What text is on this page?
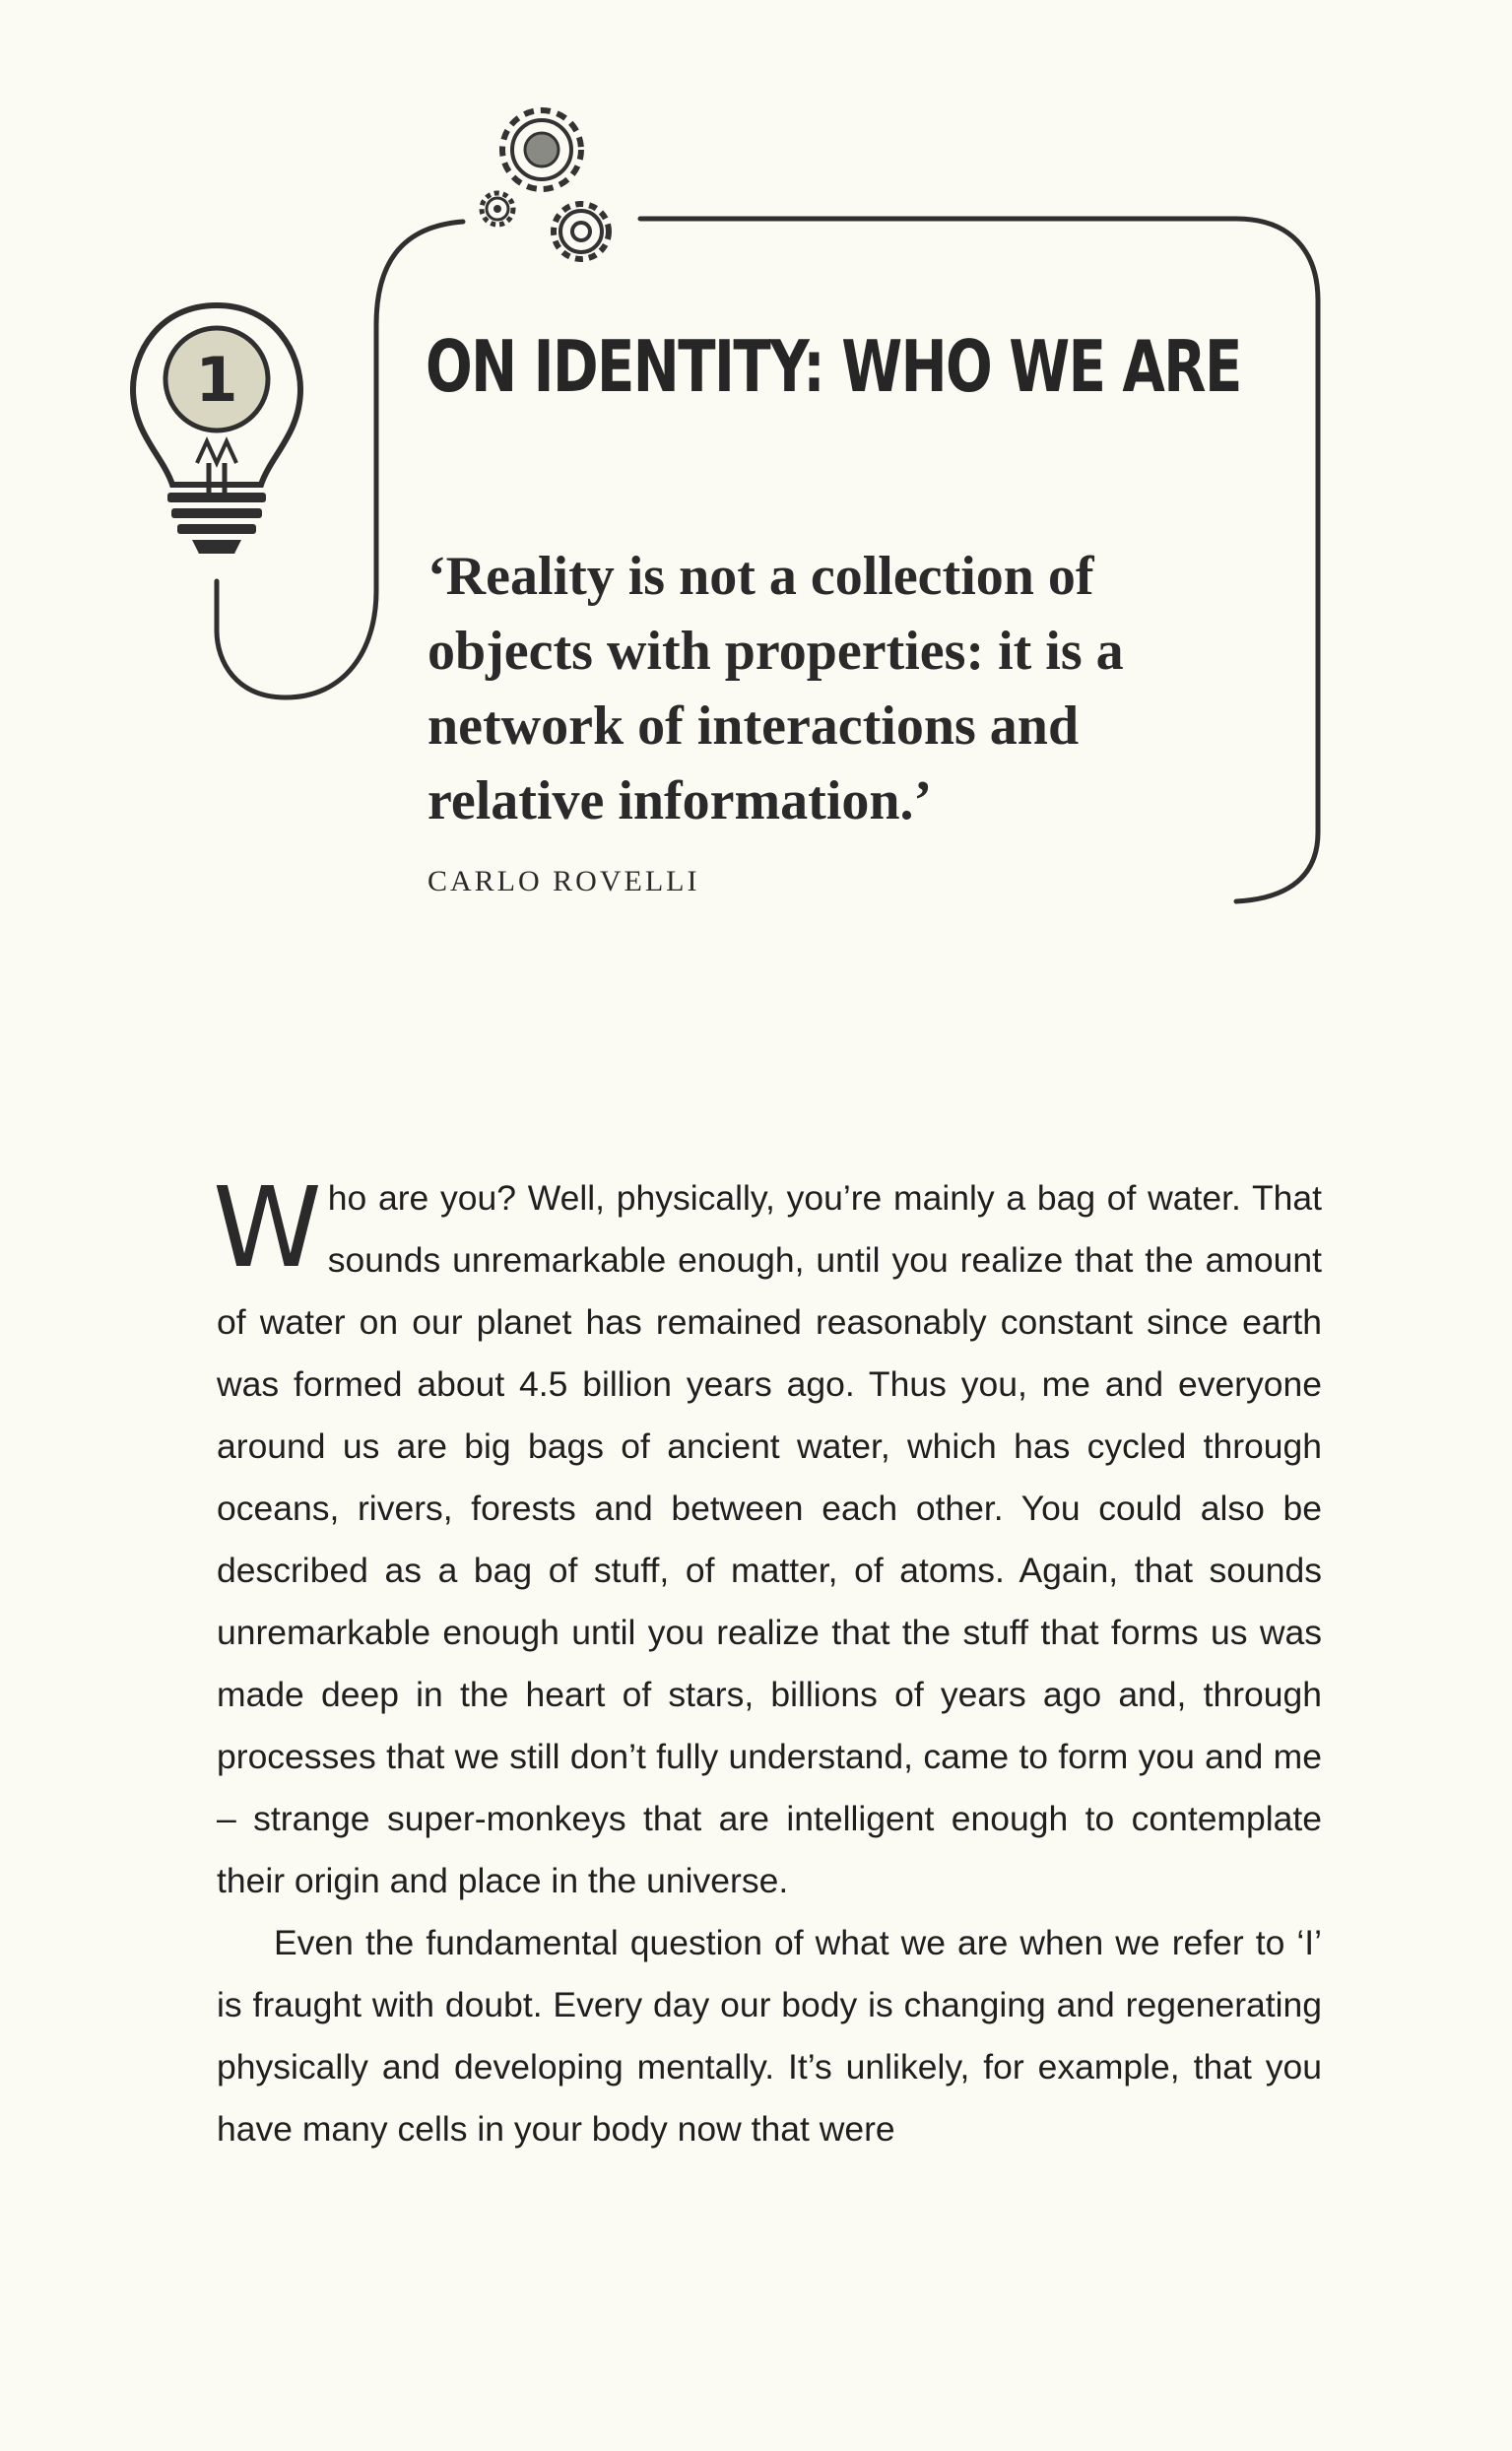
1	ON IDENTITY: WHO WE ARE
‘Reality is not a collection of
objects with properties: it is a
network of interactions and
relative information.’
CARLO ROVELLI

Who are you? Well, physically, you’re mainly a bag of water. That sounds unremarkable enough, until you realize that the amount of water on our planet has remained reasonably constant since earth was formed about 4.5 billion years ago. Thus you, me and everyone around us are big bags of ancient water, which has cycled through oceans, rivers, forests and between each other. You could also be described as a bag of stuff, of matter, of atoms. Again, that sounds unremarkable enough until you realize that the stuff that forms us was made deep in the heart of stars, billions of years ago and, through processes that we still don’t fully understand, came to form you and me – strange super-monkeys that are intelligent enough to contemplate their origin and place in the universe.

Even the fundamental question of what we are when we refer to ‘I’ is fraught with doubt. Every day our body is changing and regenerating physically and developing mentally. It’s unlikely, for example, that you have many cells in your body now that were
